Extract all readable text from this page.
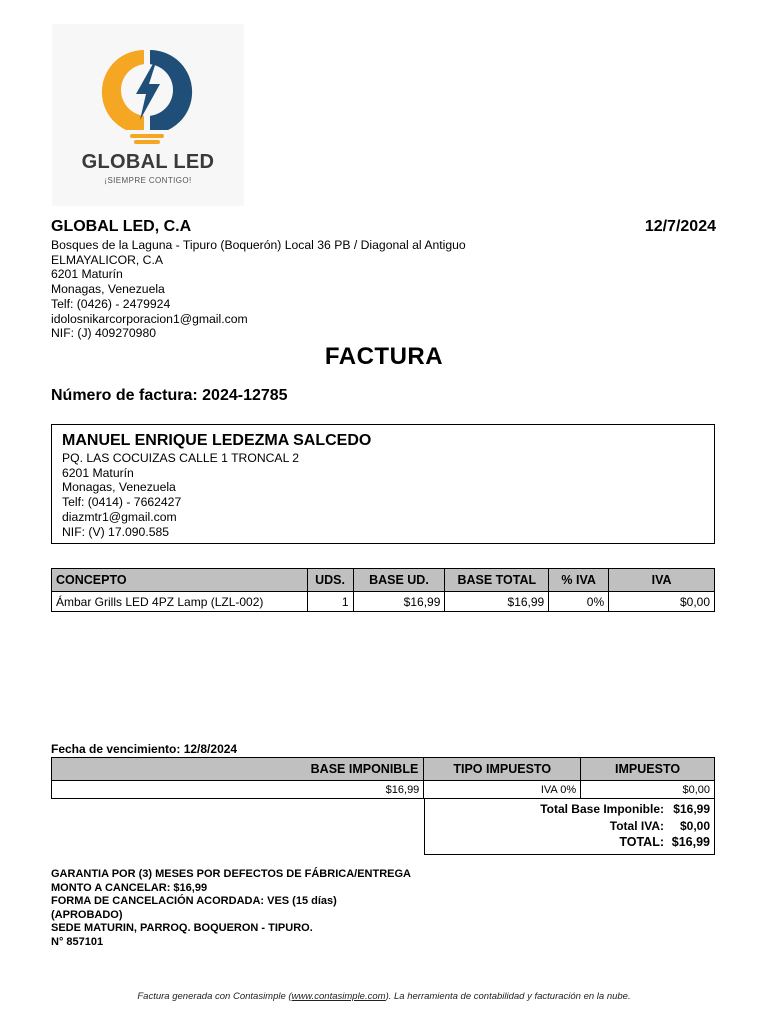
GLOBAL LED
¡SIEMPRE CONTIGO!
GLOBAL LED, C.A	12/7/2024
Bosques de la Laguna - Tipuro (Boquerón) Local 36 PB / Diagonal al Antiguo
ELMAYALICOR, C.A
6201 Maturín
Monagas, Venezuela
Telf: (0426) - 2479924
idolosnikarcorporacion1@gmail.com
NIF: (J) 409270980
FACTURA
Número de factura: 2024-12785
MANUEL ENRIQUE LEDEZMA SALCEDO
PQ. LAS COCUIZAS CALLE 1 TRONCAL 2
6201 Maturín
Monagas, Venezuela
Telf: (0414) - 7662427
diazmtr1@gmail.com
NIF: (V) 17.090.585
CONCEPTO	UDS.	BASE UD.	BASE TOTAL	% IVA	IVA
Ámbar Grills LED 4PZ Lamp (LZL-002)	1	$16,99	$16,99	0%	$0,00
Fecha de vencimiento: 12/8/2024
BASE IMPONIBLE	TIPO IMPUESTO	IMPUESTO
$16,99	IVA 0%	$0,00
Total Base Imponible: $16,99
Total IVA: $0,00
TOTAL: $16,99
GARANTIA POR (3) MESES POR DEFECTOS DE FÁBRICA/ENTREGA
MONTO A CANCELAR: $16,99
FORMA DE CANCELACIÓN ACORDADA: VES (15 días)
(APROBADO)
SEDE MATURIN, PARROQ. BOQUERON - TIPURO.
N° 857101
Factura generada con Contasimple (www.contasimple.com). La herramienta de contabilidad y facturación en la nube.
